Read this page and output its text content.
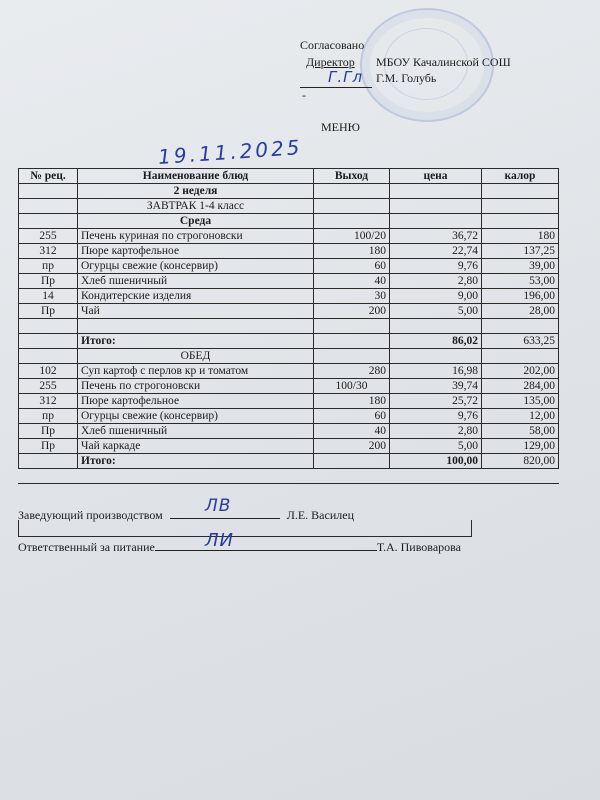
Согласовано
Директор МБОУ Качалинской СОШ
Г.Гл Г.М. Голубь
-
МЕНЮ
19.11.2025
№ рец.	Наименование блюд	Выход	цена	калор
	2 неделя			
	ЗАВТРАК 1-4 класс			
	Среда			
255	Печень куриная по строгоновски	100/20	36,72	180
312	Пюре картофельное	180	22,74	137,25
пр	Огурцы свежие (консервир)	60	9,76	39,00
Пр	Хлеб пшеничный	40	2,80	53,00
14	Кондитерские изделия	30	9,00	196,00
Пр	Чай	200	5,00	28,00

	Итого:		86,02	633,25
	ОБЕД			
102	Суп картоф с перлов кр и томатом	280	16,98	202,00
255	Печень по строгоновски	100/30	39,74	284,00
312	Пюре картофельное	180	25,72	135,00
пр	Огурцы свежие (консервир)	60	9,76	12,00
Пр	Хлеб пшеничный	40	2,80	58,00
Пр	Чай каркаде	200	5,00	129,00
	Итого:		100,00	820,00

Заведующий производством	Л.Е. Василец
ЛВ
Ответственный за питание	Т.А. Пивоварова
ЛИ
